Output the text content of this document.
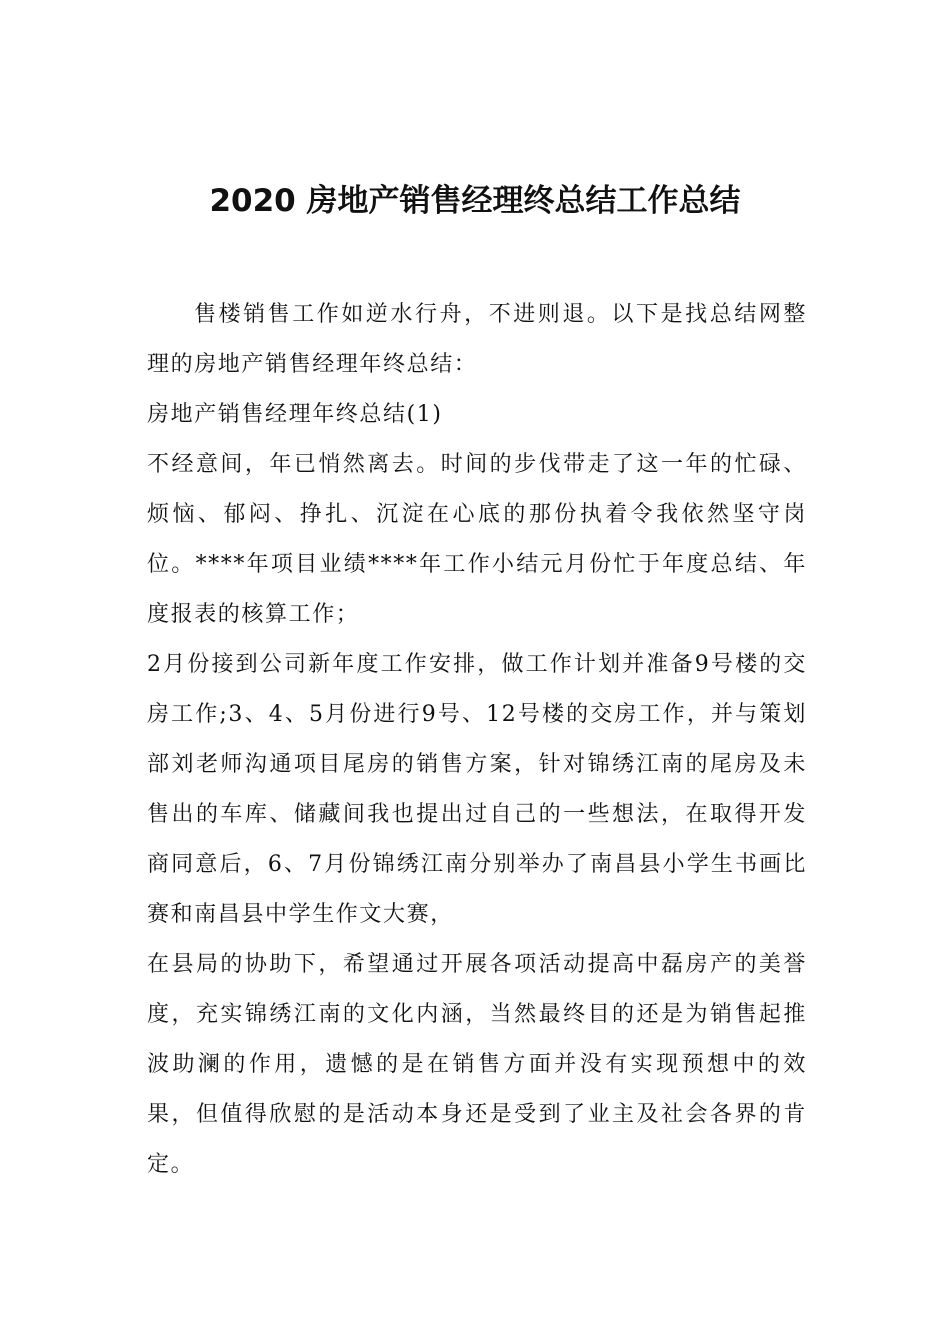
2020 房地产销售经理终总结工作总结

售楼销售工作如逆水行舟，不进则退。以下是找总结网整理的房地产销售经理年终总结：

房地产销售经理年终总结(1)

不经意间，年已悄然离去。时间的步伐带走了这一年的忙碌、烦恼、郁闷、挣扎、沉淀在心底的那份执着令我依然坚守岗位。****年项目业绩****年工作小结元月份忙于年度总结、年度报表的核算工作；

2月份接到公司新年度工作安排，做工作计划并准备9号楼的交房工作;3、4、5月份进行9号、12号楼的交房工作，并与策划部刘老师沟通项目尾房的销售方案，针对锦绣江南的尾房及未售出的车库、储藏间我也提出过自己的一些想法，在取得开发商同意后，6、7月份锦绣江南分别举办了南昌县小学生书画比赛和南昌县中学生作文大赛，

在县局的协助下，希望通过开展各项活动提高中磊房产的美誉度，充实锦绣江南的文化内涵，当然最终目的还是为销售起推波助澜的作用，遗憾的是在销售方面并没有实现预想中的效果，但值得欣慰的是活动本身还是受到了业主及社会各界的肯定。
